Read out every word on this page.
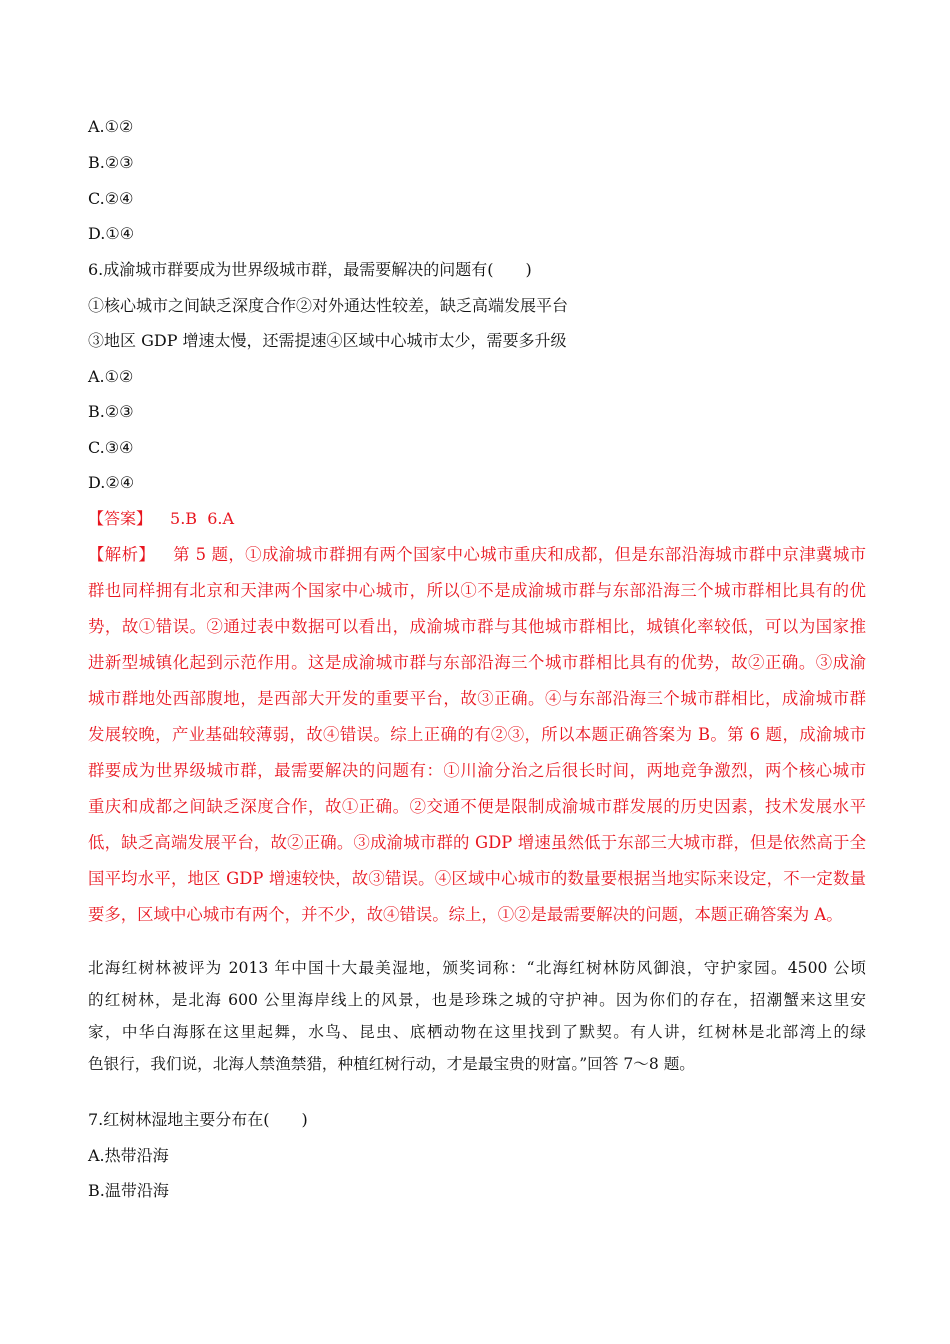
A.①②
B.②③
C.②④
D.①④
6.成渝城市群要成为世界级城市群，最需要解决的问题有(　　)
①核心城市之间缺乏深度合作②对外通达性较差，缺乏高端发展平台
③地区 GDP 增速太慢，还需提速④区域中心城市太少，需要多升级
A.①②
B.②③
C.③④
D.②④
【答案】 5.B  6.A
【解析】 第 5 题，①成渝城市群拥有两个国家中心城市重庆和成都，但是东部沿海城市群中京津冀城市
群也同样拥有北京和天津两个国家中心城市，所以①不是成渝城市群与东部沿海三个城市群相比具有的优
势，故①错误。②通过表中数据可以看出，成渝城市群与其他城市群相比，城镇化率较低，可以为国家推
进新型城镇化起到示范作用。这是成渝城市群与东部沿海三个城市群相比具有的优势，故②正确。③成渝
城市群地处西部腹地，是西部大开发的重要平台，故③正确。④与东部沿海三个城市群相比，成渝城市群
发展较晚，产业基础较薄弱，故④错误。综上正确的有②③，所以本题正确答案为 B。第 6 题，成渝城市
群要成为世界级城市群，最需要解决的问题有：①川渝分治之后很长时间，两地竞争激烈，两个核心城市
重庆和成都之间缺乏深度合作，故①正确。②交通不便是限制成渝城市群发展的历史因素，技术发展水平
低，缺乏高端发展平台，故②正确。③成渝城市群的 GDP 增速虽然低于东部三大城市群，但是依然高于全
国平均水平，地区 GDP 增速较快，故③错误。④区域中心城市的数量要根据当地实际来设定，不一定数量
要多，区域中心城市有两个，并不少，故④错误。综上，①②是最需要解决的问题，本题正确答案为 A。
北海红树林被评为 2013 年中国十大最美湿地，颁奖词称：“北海红树林防风御浪，守护家园。4500 公顷
的红树林，是北海 600 公里海岸线上的风景，也是珍珠之城的守护神。因为你们的存在，招潮蟹来这里安
家，中华白海豚在这里起舞，水鸟、昆虫、底栖动物在这里找到了默契。有人讲，红树林是北部湾上的绿
色银行，我们说，北海人禁渔禁猎，种植红树行动，才是最宝贵的财富。”回答 7～8 题。
7.红树林湿地主要分布在(　　)
A.热带沿海
B.温带沿海
